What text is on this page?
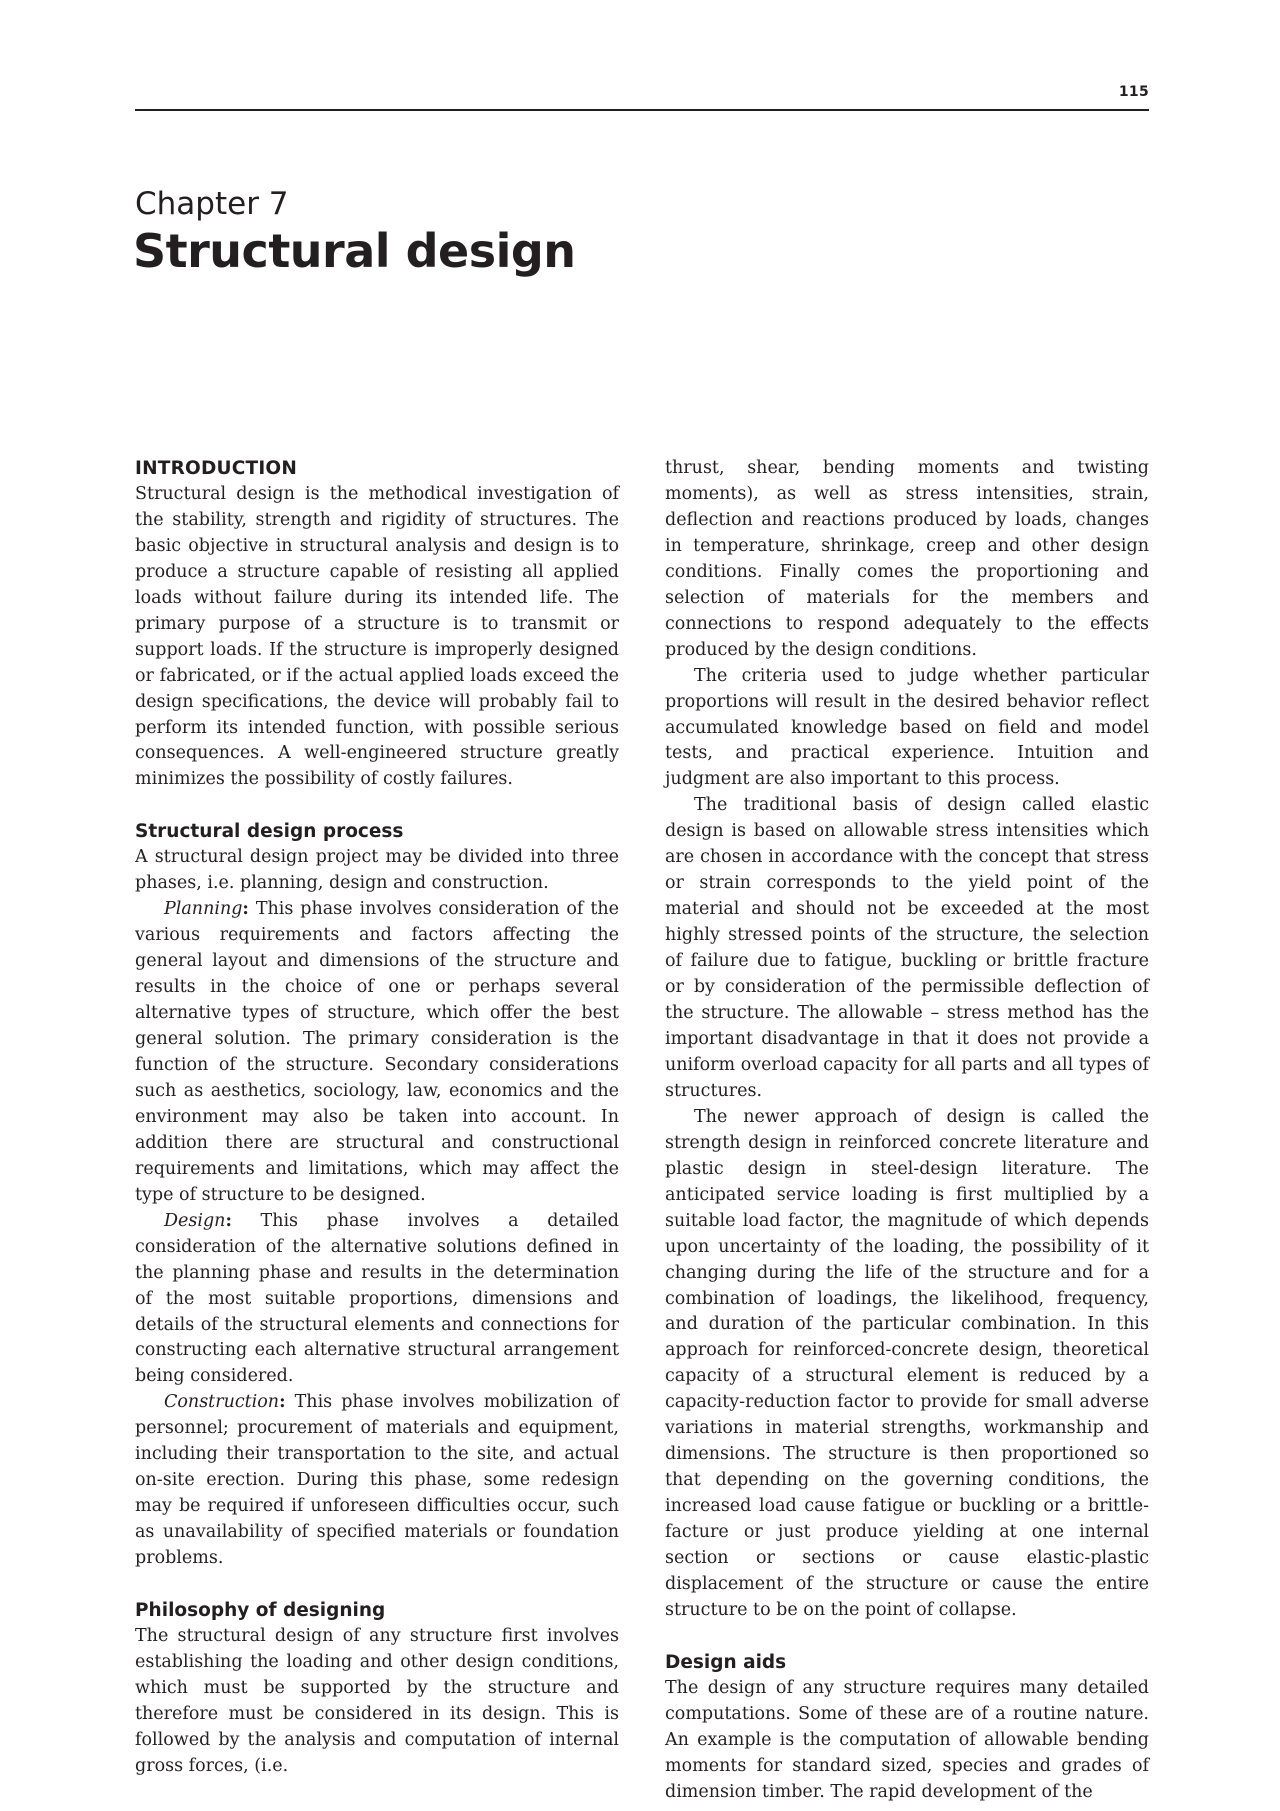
115
Chapter 7
Structural design
INTRODUCTION

Structural design is the methodical investigation of the stability, strength and rigidity of structures. The basic objective in structural analysis and design is to produce a structure capable of resisting all applied loads without failure during its intended life. The primary purpose of a structure is to transmit or support loads. If the structure is improperly designed or fabricated, or if the actual applied loads exceed the design specifications, the device will probably fail to perform its intended function, with possible serious consequences. A well-engineered structure greatly minimizes the possibility of costly failures.

Structural design process

A structural design project may be divided into three phases, i.e. planning, design and construction.

Planning: This phase involves consideration of the various requirements and factors affecting the general layout and dimensions of the structure and results in the choice of one or perhaps several alternative types of structure, which offer the best general solution. The primary consideration is the function of the structure. Secondary considerations such as aesthetics, sociology, law, economics and the environment may also be taken into account. In addition there are structural and constructional requirements and limitations, which may affect the type of structure to be designed.

Design: This phase involves a detailed consideration of the alternative solutions defined in the planning phase and results in the determination of the most suitable proportions, dimensions and details of the structural elements and connections for constructing each alternative structural arrangement being considered.

Construction: This phase involves mobilization of personnel; procurement of materials and equipment, including their transportation to the site, and actual on-site erection. During this phase, some redesign may be required if unforeseen difficulties occur, such as unavailability of specified materials or foundation problems.

Philosophy of designing

The structural design of any structure first involves establishing the loading and other design conditions, which must be supported by the structure and therefore must be considered in its design. This is followed by the analysis and computation of internal gross forces, (i.e.

thrust, shear, bending moments and twisting moments), as well as stress intensities, strain, deflection and reactions produced by loads, changes in temperature, shrinkage, creep and other design conditions. Finally comes the proportioning and selection of materials for the members and connections to respond adequately to the effects produced by the design conditions.

The criteria used to judge whether particular proportions will result in the desired behavior reflect accumulated knowledge based on field and model tests, and practical experience. Intuition and judgment are also important to this process.

The traditional basis of design called elastic design is based on allowable stress intensities which are chosen in accordance with the concept that stress or strain corresponds to the yield point of the material and should not be exceeded at the most highly stressed points of the structure, the selection of failure due to fatigue, buckling or brittle fracture or by consideration of the permissible deflection of the structure. The allowable – stress method has the important disadvantage in that it does not provide a uniform overload capacity for all parts and all types of structures.

The newer approach of design is called the strength design in reinforced concrete literature and plastic design in steel-design literature. The anticipated service loading is first multiplied by a suitable load factor, the magnitude of which depends upon uncertainty of the loading, the possibility of it changing during the life of the structure and for a combination of loadings, the likelihood, frequency, and duration of the particular combination. In this approach for reinforced-concrete design, theoretical capacity of a structural element is reduced by a capacity-reduction factor to provide for small adverse variations in material strengths, workmanship and dimensions. The structure is then proportioned so that depending on the governing conditions, the increased load cause fatigue or buckling or a brittle-facture or just produce yielding at one internal section or sections or cause elastic-plastic displacement of the structure or cause the entire structure to be on the point of collapse.

Design aids

The design of any structure requires many detailed computations. Some of these are of a routine nature. An example is the computation of allowable bending moments for standard sized, species and grades of dimension timber. The rapid development of the
